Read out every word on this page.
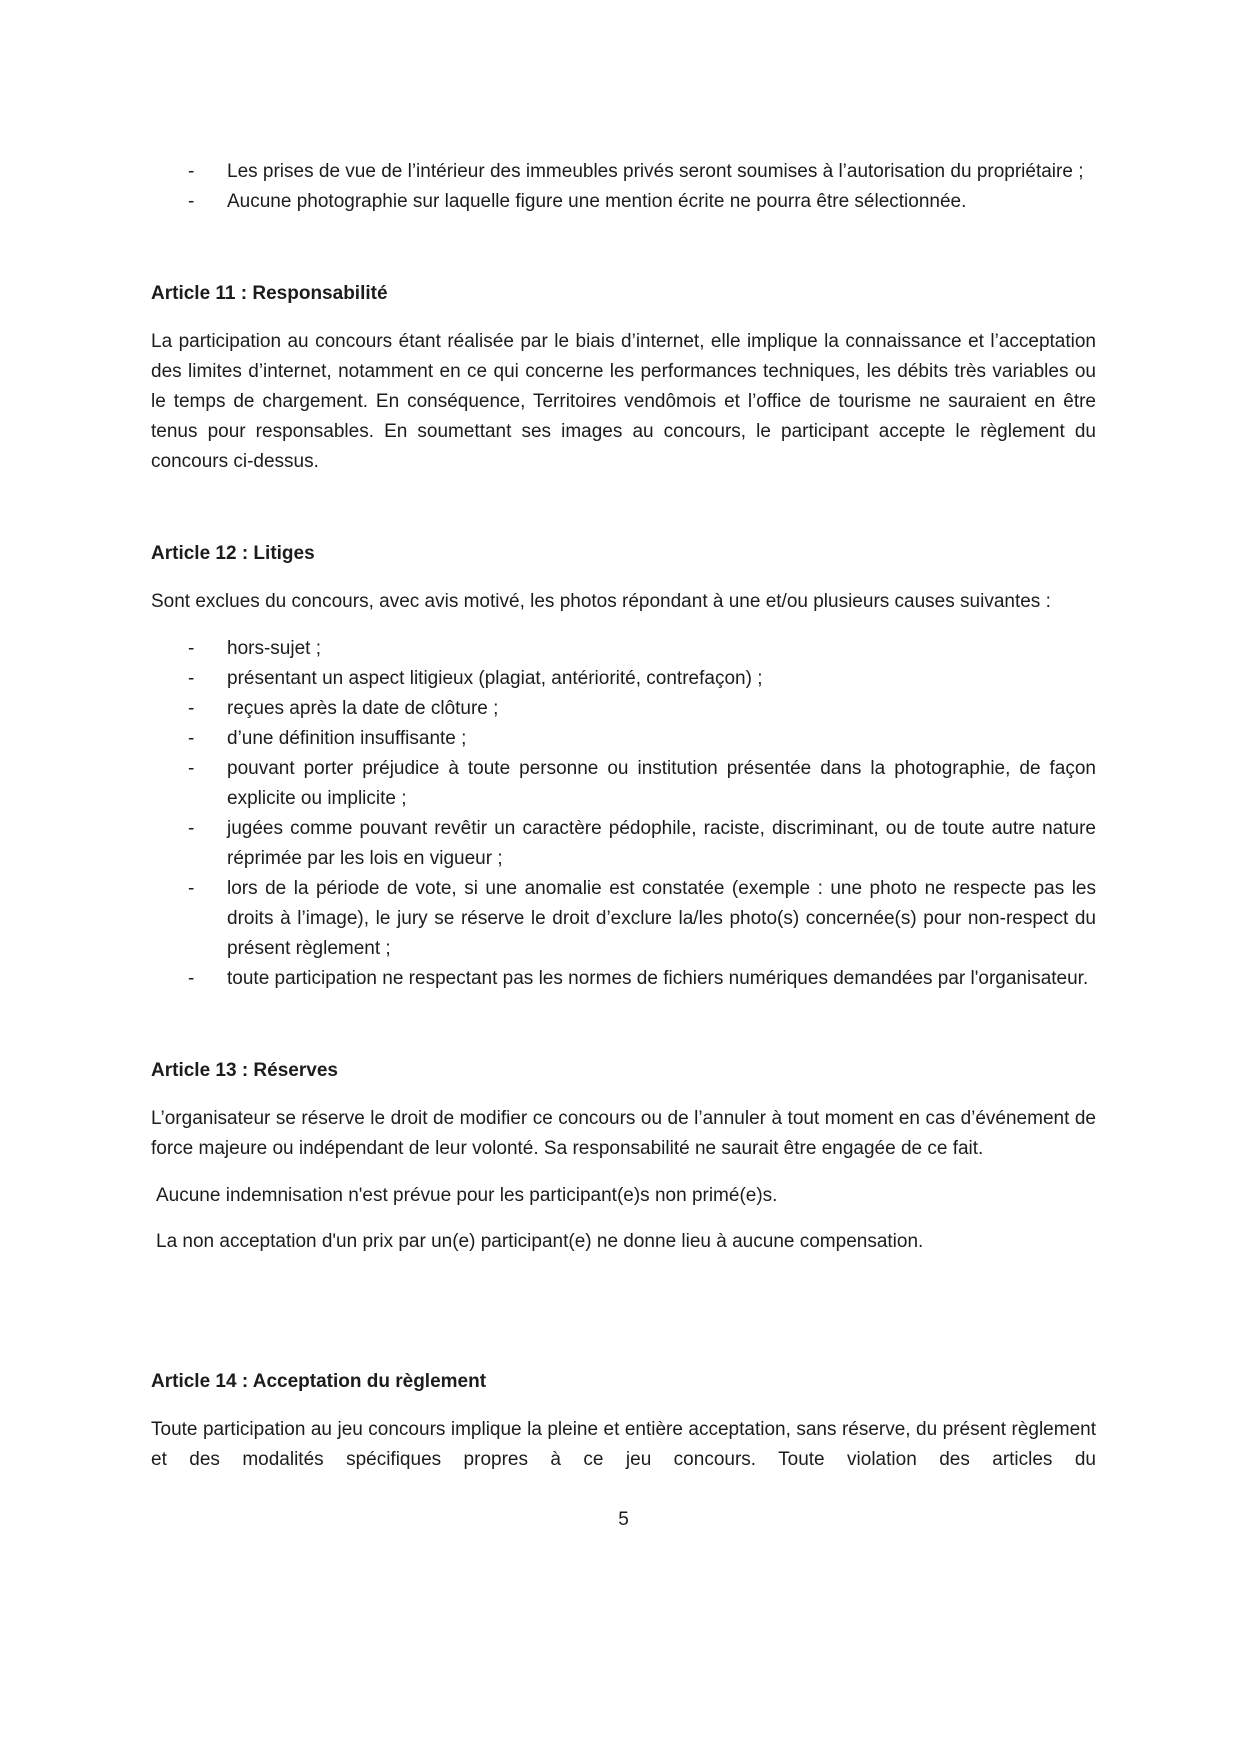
-	Les prises de vue de l’intérieur des immeubles privés seront soumises à l’autorisation du propriétaire ;
-	Aucune photographie sur laquelle figure une mention écrite ne pourra être sélectionnée.
Article 11 : Responsabilité

La participation au concours étant réalisée par le biais d’internet, elle implique la connaissance et l’acceptation des limites d’internet, notamment en ce qui concerne les performances techniques, les débits très variables ou le temps de chargement. En conséquence, Territoires vendômois et l’office de tourisme ne sauraient en être tenus pour responsables. En soumettant ses images au concours, le participant accepte le règlement du concours ci-dessus.

Article 12 : Litiges

Sont exclues du concours, avec avis motivé, les photos répondant à une et/ou plusieurs causes suivantes :

-	hors-sujet ;
-	présentant un aspect litigieux (plagiat, antériorité, contrefaçon) ;
-	reçues après la date de clôture ;
-	d’une définition insuffisante ;
-	pouvant porter préjudice à toute personne ou institution présentée dans la photographie, de façon explicite ou implicite ;
-	jugées comme pouvant revêtir un caractère pédophile, raciste, discriminant, ou de toute autre nature réprimée par les lois en vigueur ;
-	lors de la période de vote, si une anomalie est constatée (exemple : une photo ne respecte pas les droits à l’image), le jury se réserve le droit d’exclure la/les photo(s) concernée(s) pour non-respect du présent règlement ;
-	toute participation ne respectant pas les normes de fichiers numériques demandées par l'organisateur.
Article 13 : Réserves

L’organisateur se réserve le droit de modifier ce concours ou de l’annuler à tout moment en cas d’événement de force majeure ou indépendant de leur volonté. Sa responsabilité ne saurait être engagée de ce fait.

Aucune indemnisation n'est prévue pour les participant(e)s non primé(e)s.

La non acceptation d'un prix par un(e) participant(e) ne donne lieu à aucune compensation.

Article 14 : Acceptation du règlement

Toute participation au jeu concours implique la pleine et entière acceptation, sans réserve, du présent règlement et des modalités spécifiques propres à ce jeu concours. Toute violation des articles du

5
